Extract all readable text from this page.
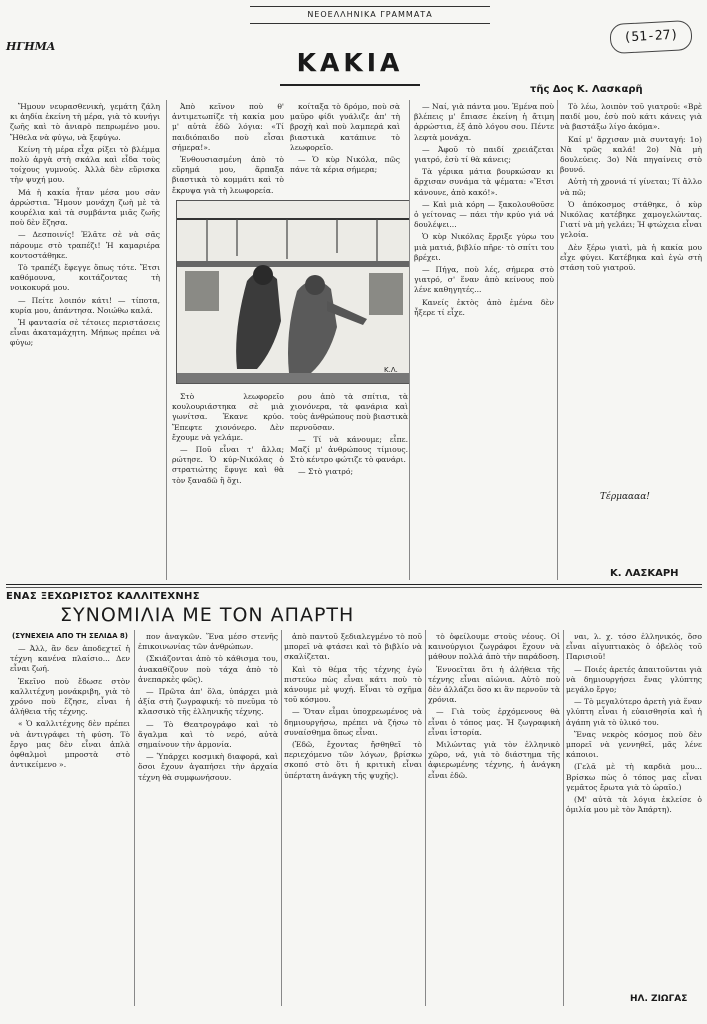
ΝΕΟΕΛΛΗΝΙΚΑ ΓΡΑΜΜΑΤΑ
(51-27)
ΗΓΗΜΑ
ΚΑΚΙΑ
τῆς Δος Κ. Λασκαρῆ

Ἤμουν νευρασθενικὴ, γεμάτη ζάλη κι ἀηδία ἐκείνη τὴ μέρα, γιὰ τὸ κυνήγι ζωῆς καὶ τὸ ἀνιαρὸ πεπρωμένο μου. Ἤθελα νὰ φύγω, νὰ ξεφύγω.

Κείνη τὴ μέρα εἶχα ρίξει τὸ βλέμμα πολὺ ἀργὰ στὴ σκάλα καὶ εἶδα τοὺς τοίχους γυμνούς. Ἀλλὰ δὲν εὕρισκα τὴν ψυχή μου.

Μά ἡ κακία ἦταν μέσα μου σὰν ἀρρώστια. Ἤμουν μονάχη ζωὴ μὲ τὰ κουρέλια καὶ τὰ συμβάντα μιᾶς ζωῆς ποὺ δὲν ἔζησα.

— Δεσποινίς! Ἐλᾶτε σὲ νὰ σᾶς πάρουμε στὸ τραπέζι! Ἡ καμαριέρα κοντοστάθηκε.

Τὸ τραπέζι ἔφεγγε ὅπως τότε. Ἔτσι καθόμουνα, κοιτάζοντας τὴ νοικοκυρά μου.

— Πείτε λοιπόν κάτι! — τίποτα, κυρία μου, ἀπάντησα. Νοιώθω καλά.

Ἡ φαντασία σὲ τέτοιες περιστάσεις εἶναι ἀκαταμάχητη. Μήπως πρέπει νὰ φύγω;

Ἀπὸ κεῖνον ποὺ θ' ἀντιμετωπίζε τὴ κακία μου μ' αὐτὰ ἐδῶ λόγια: «Τί παιδιόπαιδο ποὺ εἶσαι σήμερα!».

Ἐνθουσιασμένη ἀπὸ τὸ εὕρημά μου, ἄρπαξα βιαστικὰ τὸ κομμάτι καὶ τὸ ἔκρυψα γιὰ τὴ λεωφορεία.

κοίταξα τὸ δρόμο, ποὺ σὰ μαῦρο φίδι γυάλιζε ἀπ' τὴ βροχὴ καὶ ποὺ λαμπερά καὶ βιαστικὰ κατάπινε τὸ λεωφορεῖο.

— Ὁ κὺρ Νικόλα, πῶς πάνε τὰ κέρια σήμερα;

K.Λ.

Στὸ λεωφορεῖο κουλουριάστηκα σὲ μιὰ γωνίτσα. Ἐκανε κρύο. Ἔπεφτε χιονόνερο. Δὲν ἔχουμε νὰ γελάμε.

— Ποῦ εἶναι τ' ἄλλα; ρώτησε. Ὁ κύρ-Νικόλας ὁ στρατιώτης ἔφυγε καὶ θὰ τὸν ξαναδῶ ἢ ὄχι.

ρου ἀπὸ τὰ σπίτια, τὰ χιονόνερα, τὰ φανάρια καὶ τοὺς ἀνθρώπους ποὺ βιαστικὰ περνοῦσαν.

— Τί νὰ κάνουμε; εἶπε. Μαζί μ' ἀνθρώπους τίμιους. Στὸ κέντρο φώτιζε τὸ φανάρι.

— Στὸ γιατρό;

— Ναί, γιὰ πάντα μου. Ἐμένα ποὺ βλέπεις μ' ἔπιασε ἐκείνη ἡ ἄτιμη ἀρρώστια, ἐξ ἀπὸ λόγου σου. Πέντε λεφτὰ μονάχα.

— Ἀφοῦ τὸ παιδί χρειάζεται γιατρό, ἐσὺ τί θὰ κάνεις;

Τὰ γέρικα μάτια βουρκώσαν κι ἄρχισαν συνάμα τὰ ψέματα: «Ἔτσι κάνουνε, ἀπὸ κακό!».

— Καὶ μιὰ κόρη — ξακολουθοῦσε ὁ γείτονας — πάει τὴν κρύο γιά νά δουλέψει...

Ὁ κὺρ Νικόλας ἔρριξε γύρω του μιὰ ματιά, βιβλίο πῆρε· τὸ σπίτι του βρέχει.

— Πήγα, ποὺ λές, σήμερα στὸ γιατρό, σ' ἕναν ἀπὸ κείνους ποὺ λένε καθηγητές...

Κανείς ἐκτὸς ἀπὸ ἐμένα δὲν ἦξερε τί εἶχε.

Τὸ λέω, λοιπὸν τοῦ γιατροῦ: «Βρὲ παιδί μου, ἐσὺ ποὺ κάτι κάνεις γιὰ νὰ βαστάξω λίγο ἀκόμα».

Καί μ' ἄρχισαν μιὰ συνταγή: 1ο) Νὰ τρῶς καλά! 2ο) Νὰ μὴ δουλεύεις. 3ο) Νὰ πηγαίνεις στὸ βουνό.

Αὐτὴ τὴ χρονιά τί γίνεται; Τί ἄλλο νὰ πῶ;

Ὁ ἀπόκοσμος στάθηκε, ὁ κὺρ Νικόλας κατέβηκε χαμογελώντας. Γιατί νὰ μὴ γελάει; Ἡ φτώχεια εἶναι γελοία.

Δὲν ξέρω γιατὶ, μὰ ἡ κακία μου εἶχε φύγει. Κατέβηκα καὶ ἐγὼ στὴ στάση τοῦ γιατροῦ.

Τέρμαααα!
Κ. ΛΑΣΚΑΡΗ
ΕΝΑΣ ΞΕΧΩΡΙΣΤΟΣ ΚΑΛΛΙΤΕΧΝΗΣ
ΣΥΝΟΜΙΛΙΑ ΜΕ ΤΟΝ ΑΠΑΡΤΗ
(ΣΥΝΕΧΕΙΑ ΑΠΟ ΤΗ ΣΕΛΙΔΑ 8)

— Ἀλλ, ἂν δεν ἀποδεχτεῖ ἡ τέχνη κανένα πλαίσιο... Δεν εἶναι ζωή.

Ἐκεῖνο ποὺ ἔδωσε στὸν καλλιτέχνη μονάκριβη, γιὰ τὸ χρόνο ποὺ ἔζησε, εἶναι ἡ ἀλήθεια τῆς τέχνης.

« Ὁ καλλιτέχνης δὲν πρέπει νὰ ἀντιγράφει τὴ φύση. Τὸ ἔργο μας δὲν εἶναι ἁπλὰ ὀφθαλμοὶ μπροστὰ στὸ ἀντικείμενο ».

πον ἀναγκῶν. Ἕνα μέσο στενῆς ἐπικοινωνίας τῶν ἀνθρώπων.

(Σκιάζονται ἀπὸ τὸ κάθισμα του, ἀνακαθίζουν ποὺ τάχα ἀπὸ τὸ ἀνεπαρκὲς φῶς).

— Πρῶτα ἀπ' ὅλα, ὑπάρχει μιὰ ἀξία στὴ ζωγραφική: τὸ πνεῦμα τὸ κλασσικὸ τῆς ἑλληνικῆς τέχνης.

— Τὸ Θεατρογράφο καὶ τὸ ἄγαλμα καὶ τὸ νερό, αὐτὰ σημαίνουν τὴν ἁρμονία.

— Ὑπάρχει κοσμικὴ διαφορά, καὶ ὅσοι ἔχουν ἀγαπήσει τὴν ἀρχαία τέχνη θὰ συμφωνήσουν.

ἀπὸ παντοῦ ξεδιαλεγμένο τὸ ποῦ μπορεῖ νὰ φτάσει καὶ τὸ βιβλίο νὰ σκαλίζεται.

Καὶ τὸ θέμα τῆς τέχνης ἐγὼ πιστεύω πὼς εἶναι κάτι ποὺ τὸ κάνουμε μὲ ψυχή. Εἶναι τὸ σχῆμα τοῦ κόσμου.

— Ὅταν εἶμαι ὑποχρεωμένος νὰ δημιουργήσω, πρέπει νὰ ζήσω τὸ συναίσθημα ὅπως εἶναι.

(Ἑδῶ, ἔχοντας ἤσθηθεῖ τὸ περιεχόμενο τῶν λόγων, βρίσκω σκοπό στὸ ὅτι ἡ κριτικὴ εἶναι ὑπέρτατη ἀνάγκη τῆς ψυχῆς).

τὸ ὀφείλουμε στοὺς νέους. Οἱ καινούργιοι ζωγράφοι ἔχουν νὰ μάθουν πολλά ἀπὸ τὴν παράδοση.

Ἐννοεῖται ὅτι ἡ ἀλήθεια τῆς τέχνης εἶναι αἰώνια. Αὐτὸ ποὺ δὲν ἀλλάζει ὅσο κι ἂν περνοῦν τὰ χρόνια.

— Γιὰ τοὺς ἐρχόμενους θὰ εἶναι ὁ τόπος μας. Ἡ ζωγραφικὴ εἶναι ἱστορία.

Μιλώντας γιὰ τὸν ἑλληνικὸ χῶρο, νά, γιὰ τὸ διάστημα τῆς ἀφιερωμένης τέχνης, ἡ ἀνάγκη εἶναι ἐδῶ.

ναι, λ. χ. τόσο ἑλληνικός, ὅσο εἶναι αἰγυπτιακὸς ὁ ὀβελὸς τοῦ Παρισιοῦ!

— Ποιές ἀρετές ἀπαιτοῦνται γιὰ νὰ δημιουργήσει ἕνας γλύπτης μεγάλο ἔργο;

— Τὸ μεγαλύτερο ἀρετὴ γιὰ ἕναν γλύπτη εἶναι ἡ εὐαισθησία καὶ ἡ ἀγάπη γιὰ τὸ ὑλικό του.

Ἕνας νεκρὸς κόσμος ποὺ δὲν μπορεῖ νὰ γεννηθεῖ, μᾶς λένε κάποιοι.

(Γελᾶ μὲ τὴ καρδιὰ μου... Βρίσκω πὼς ὁ τόπος μας εἶναι γεμᾶτος ἔρωτα γιὰ τὸ ὡραῖο.)

(Μ' αὐτὰ τὰ λόγια ἐκλείσε ὁ ὁμιλία μου μὲ τὸν Ἀπάρτη).

ΗΛ. ΖΙΩΓΑΣ
